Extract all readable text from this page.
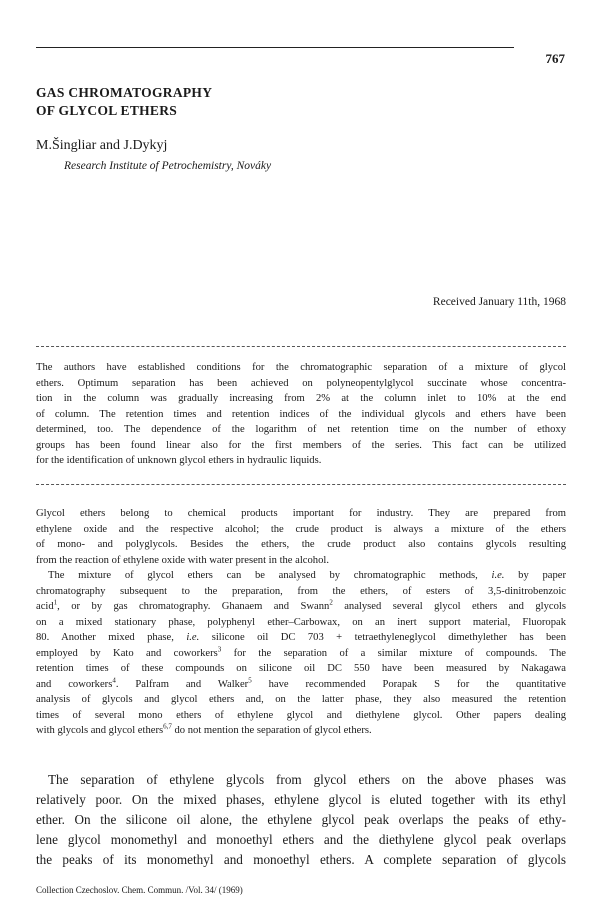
767
GAS CHROMATOGRAPHY
OF GLYCOL ETHERS
M.Šingliar and J.Dykyj
Research Institute of Petrochemistry, Nováky
Received January 11th, 1968
The authors have established conditions for the chromatographic separation of a mixture of glycol
ethers. Optimum separation has been achieved on polyneopentylglycol succinate whose concentra-
tion in the column was gradually increasing from 2% at the column inlet to 10% at the end
of column. The retention times and retention indices of the individual glycols and ethers have been
determined, too. The dependence of the logarithm of net retention time on the number of ethoxy
groups has been found linear also for the first members of the series. This fact can be utilized
for the identification of unknown glycol ethers in hydraulic liquids.
Glycol ethers belong to chemical products important for industry. They are prepared from
ethylene oxide and the respective alcohol; the crude product is always a mixture of the ethers
of mono- and polyglycols. Besides the ethers, the crude product also contains glycols resulting
from the reaction of ethylene oxide with water present in the alcohol.
The mixture of glycol ethers can be analysed by chromatographic methods, i.e. by paper
chromatography subsequent to the preparation, from the ethers, of esters of 3,5-dinitrobenzoic
acid$^1$, or by gas chromatography. Ghanaem and Swann$^2$ analysed several glycol ethers and glycols
on a mixed stationary phase, polyphenyl ether–Carbowax, on an inert support material, Fluoropak
80. Another mixed phase, i.e. silicone oil DC 703 + tetraethyleneglycol dimethylether has been
employed by Kato and coworkers$^3$ for the separation of a similar mixture of compounds. The
retention times of these compounds on silicone oil DC 550 have been measured by Nakagawa
and coworkers$^4$. Palfram and Walker$^5$ have recommended Porapak S for the quantitative
analysis of glycols and glycol ethers and, on the latter phase, they also measured the retention
times of several mono ethers of ethylene glycol and diethylene glycol. Other papers dealing
with glycols and glycol ethers$^{6,7}$ do not mention the separation of glycol ethers.
The separation of ethylene glycols from glycol ethers on the above phases was
relatively poor. On the mixed phases, ethylene glycol is eluted together with its ethyl
ether. On the silicone oil alone, the ethylene glycol peak overlaps the peaks of ethy-
lene glycol monomethyl and monoethyl ethers and the diethylene glycol peak overlaps
the peaks of its monomethyl and monoethyl ethers. A complete separation of glycols
Collection Czechoslov. Chem. Commun. /Vol. 34/ (1969)
